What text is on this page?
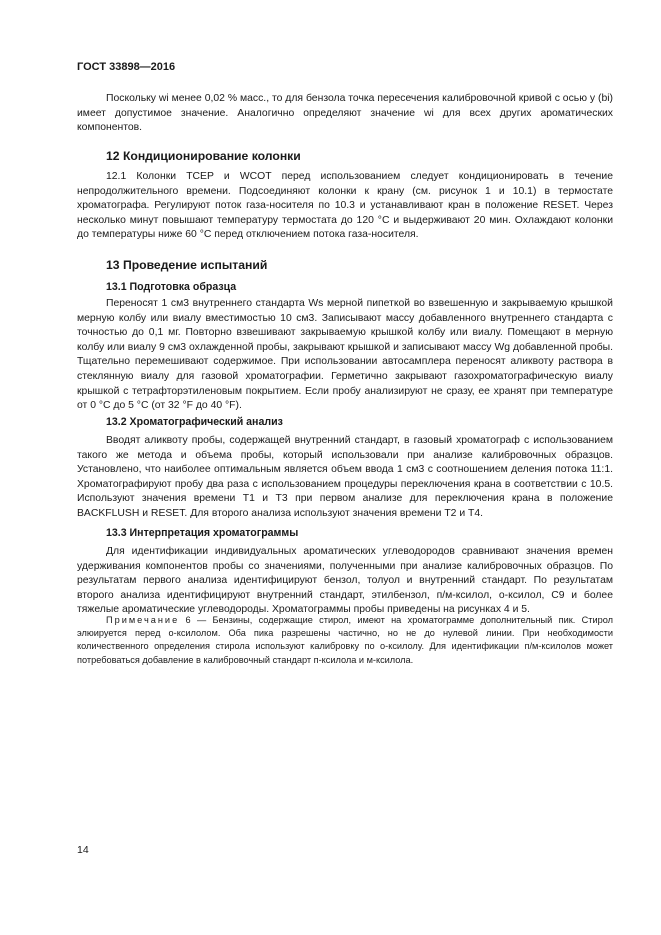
ГОСТ 33898—2016

Поскольку wi менее 0,02 % масс., то для бензола точка пересечения калибровочной кривой с осью y (bi) имеет допустимое значение. Аналогично определяют значение wi для всех других ароматических компонентов.

12 Кондиционирование колонки

12.1 Колонки TCEP и WCOT перед использованием следует кондиционировать в течение непродолжительного времени. Подсоединяют колонки к крану (см. рисунок 1 и 10.1) в термостате хроматографа. Регулируют поток газа-носителя по 10.3 и устанавливают кран в положение RESET. Через несколько минут повышают температуру термостата до 120 °С и выдерживают 20 мин. Охлаждают колонки до температуры ниже 60 °С перед отключением потока газа-носителя.

13 Проведение испытаний
13.1 Подготовка образца

Переносят 1 см3 внутреннего стандарта Ws мерной пипеткой во взвешенную и закрываемую крышкой мерную колбу или виалу вместимостью 10 см3. Записывают массу добавленного внутреннего стандарта с точностью до 0,1 мг. Повторно взвешивают закрываемую крышкой колбу или виалу. Помещают в мерную колбу или виалу 9 см3 охлажденной пробы, закрывают крышкой и записывают массу Wg добавленной пробы. Тщательно перемешивают содержимое. При использовании автосамплера переносят аликвоту раствора в стеклянную виалу для газовой хроматографии. Герметично закрывают газохроматографическую виалу крышкой с тетрафторэтиленовым покрытием. Если пробу анализируют не сразу, ее хранят при температуре от 0 °С до 5 °С (от 32 °F до 40 °F).

13.2 Хроматографический анализ

Вводят аликвоту пробы, содержащей внутренний стандарт, в газовый хроматограф с использованием такого же метода и объема пробы, который использовали при анализе калибровочных образцов. Установлено, что наиболее оптимальным является объем ввода 1 см3 с соотношением деления потока 11:1. Хроматографируют пробу два раза с использованием процедуры переключения крана в соответствии с 10.5. Используют значения времени T1 и T3 при первом анализе для переключения крана в положение BACKFLUSH и RESET. Для второго анализа используют значения времени T2 и T4.

13.3 Интерпретация хроматограммы

Для идентификации индивидуальных ароматических углеводородов сравнивают значения времен удерживания компонентов пробы со значениями, полученными при анализе калибровочных образцов. По результатам первого анализа идентифицируют бензол, толуол и внутренний стандарт. По результатам второго анализа идентифицируют внутренний стандарт, этилбензол, п/м-ксилол, о-ксилол, С9 и более тяжелые ароматические углеводороды. Хроматограммы пробы приведены на рисунках 4 и 5.

Примечание 6 — Бензины, содержащие стирол, имеют на хроматограмме дополнительный пик. Стирол элюируется перед о-ксилолом. Оба пика разрешены частично, но не до нулевой линии. При необходимости количественного определения стирола используют калибровку по о-ксилолу. Для идентификации п/м-ксилолов может потребоваться добавление в калибровочный стандарт п-ксилола и м-ксилола.

14
